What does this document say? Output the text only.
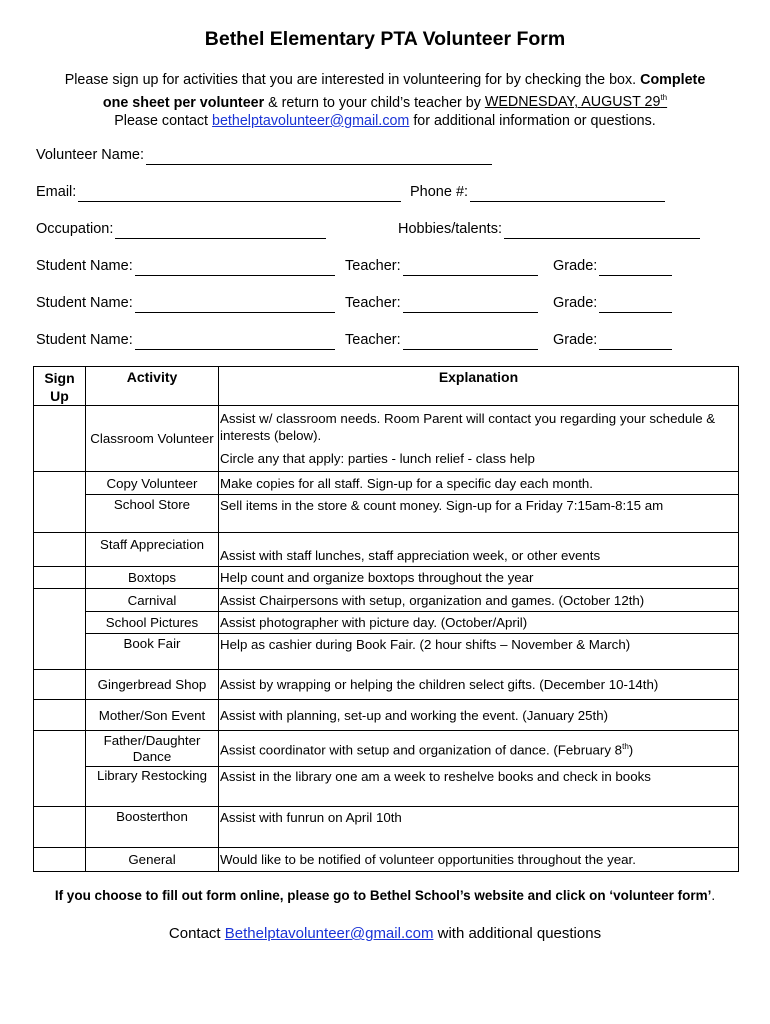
Bethel Elementary PTA Volunteer Form
Please sign up for activities that you are interested in volunteering for by checking the box. Complete
one sheet per volunteer & return to your child’s teacher by WEDNESDAY, AUGUST 29th
Please contact bethelptavolunteer@gmail.com for additional information or questions.
Volunteer Name:
Email:	Phone #:
Occupation:	Hobbies/talents:
Student Name:	Teacher:	Grade:
Student Name:	Teacher:	Grade:
Student Name:	Teacher:	Grade:
Sign Up	Activity	Explanation
	Classroom Volunteer	Assist w/ classroom needs. Room Parent will contact you regarding your schedule & interests (below).
Circle any that apply: parties - lunch relief - class help

	Copy Volunteer	Make copies for all staff. Sign-up for a specific day each month.
	School Store	Sell items in the store & count money. Sign-up for a Friday 7:15am-8:15 am
	Staff Appreciation	Assist with staff lunches, staff appreciation week, or other events
	Boxtops	Help count and organize boxtops throughout the year
	Carnival	Assist Chairpersons with setup, organization and games. (October 12th)
	School Pictures	Assist photographer with picture day. (October/April)
	Book Fair	Help as cashier during Book Fair. (2 hour shifts – November & March)
	Gingerbread Shop	Assist by wrapping or helping the children select gifts. (December 10-14th)
	Mother/Son Event	Assist with planning, set-up and working the event. (January 25th)
	Father/Daughter Dance	Assist coordinator with setup and organization of dance. (February 8th)
	Library Restocking	Assist in the library one am a week to reshelve books and check in books
	Boosterthon	Assist with funrun on April 10th
	General	Would like to be notified of volunteer opportunities throughout the year.
If you choose to fill out form online, please go to Bethel School’s website and click on ‘volunteer form’.
Contact Bethelptavolunteer@gmail.com with additional questions
